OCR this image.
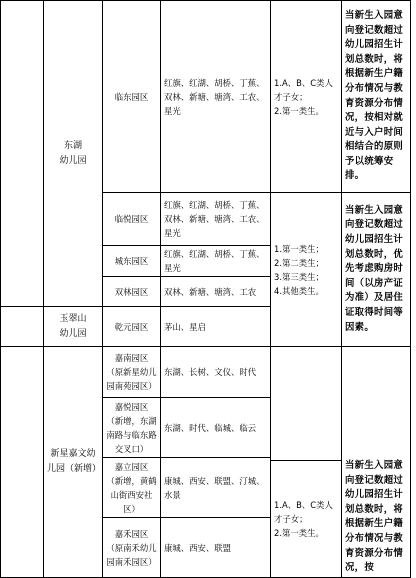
东湖
幼儿园
玉翠山
幼儿园
新星嘉文幼儿园（新增）
临东园区
临悦园区
城东园区
双林园区
乾元园区
嘉南园区
（原新星幼儿园南苑园区）
嘉悦园区
（新增，东湖南路与临东路交叉口）
嘉立园区
（新增，黄鹤山街西安社区）
嘉禾园区
（原南禾幼儿园南禾园区）
红旗、红湖、胡桥、丁蕉、双林、新塘、塘湾、工农、星光
红旗、红湖、胡桥、丁蕉、双林、新塘、塘湾、工农、星光
红旗、红湖、胡桥、丁蕉、星光
双林、新塘、塘湾、工农
茅山、星启
东湖、长树、文仪、时代
东湖、时代、临城、临云
康城、西安、联盟、汀城、水景
康城、西安、联盟
1.A、B、C类人才子女；
2.第一类生。
1.第一类生；
2.第二类生；
3.第三类生；
4.其他类生。
1.A、B、C类人才子女；
2.第一类生。
当新生入园意向登记数超过幼儿园招生计划总数时，将根据新生户籍分布情况与教育资源分布情况，按相对就近与入户时间相结合的原则予以统筹安排。
当新生入园意向登记数超过幼儿园招生计划总数时，优先考虑购房时间（以房产证为准）及居住证取得时间等因素。
当新生入园意向登记数超过幼儿园招生计划总数时，将根据新生户籍分布情况与教育资源分布情况，按
